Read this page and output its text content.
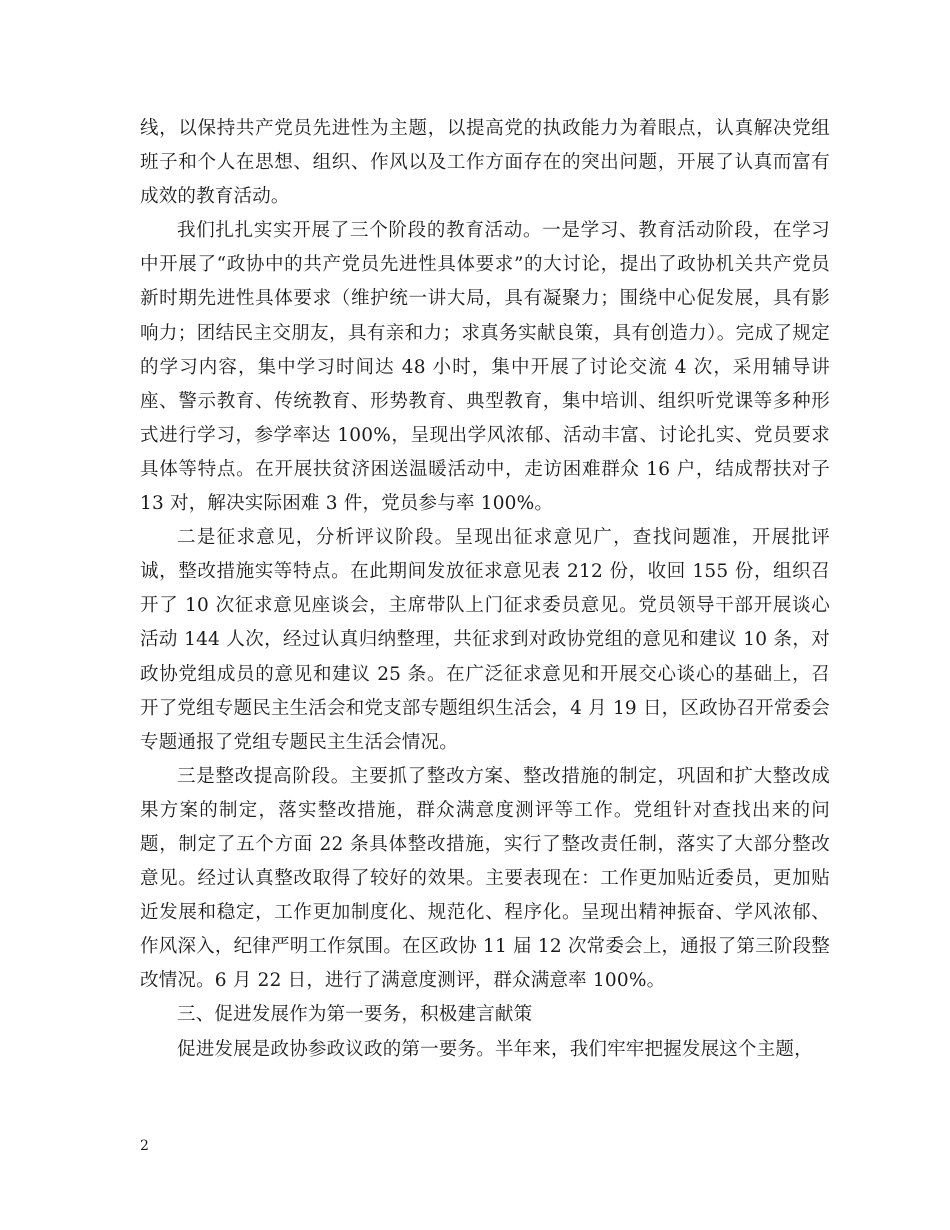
线，以保持共产党员先进性为主题，以提高党的执政能力为着眼点，认真解决党组班子和个人在思想、组织、作风以及工作方面存在的突出问题，开展了认真而富有成效的教育活动。

我们扎扎实实开展了三个阶段的教育活动。一是学习、教育活动阶段，在学习中开展了“政协中的共产党员先进性具体要求”的大讨论，提出了政协机关共产党员新时期先进性具体要求（维护统一讲大局，具有凝聚力；围绕中心促发展，具有影响力；团结民主交朋友，具有亲和力；求真务实献良策，具有创造力）。完成了规定的学习内容，集中学习时间达 48 小时，集中开展了讨论交流 4 次，采用辅导讲座、警示教育、传统教育、形势教育、典型教育，集中培训、组织听党课等多种形式进行学习，参学率达 100%，呈现出学风浓郁、活动丰富、讨论扎实、党员要求具体等特点。在开展扶贫济困送温暖活动中，走访困难群众 16 户，结成帮扶对子 13 对，解决实际困难 3 件，党员参与率 100%。

二是征求意见，分析评议阶段。呈现出征求意见广，查找问题准，开展批评诚，整改措施实等特点。在此期间发放征求意见表 212 份，收回 155 份，组织召开了 10 次征求意见座谈会，主席带队上门征求委员意见。党员领导干部开展谈心活动 144 人次，经过认真归纳整理，共征求到对政协党组的意见和建议 10 条，对政协党组成员的意见和建议 25 条。在广泛征求意见和开展交心谈心的基础上，召开了党组专题民主生活会和党支部专题组织生活会，4 月 19 日，区政协召开常委会专题通报了党组专题民主生活会情况。

三是整改提高阶段。主要抓了整改方案、整改措施的制定，巩固和扩大整改成果方案的制定，落实整改措施，群众满意度测评等工作。党组针对查找出来的问题，制定了五个方面 22 条具体整改措施，实行了整改责任制，落实了大部分整改意见。经过认真整改取得了较好的效果。主要表现在：工作更加贴近委员，更加贴近发展和稳定，工作更加制度化、规范化、程序化。呈现出精神振奋、学风浓郁、作风深入，纪律严明工作氛围。在区政协 11 届 12 次常委会上，通报了第三阶段整改情况。6 月 22 日，进行了满意度测评，群众满意率 100%。

三、促进发展作为第一要务，积极建言献策

促进发展是政协参政议政的第一要务。半年来，我们牢牢把握发展这个主题，

2
